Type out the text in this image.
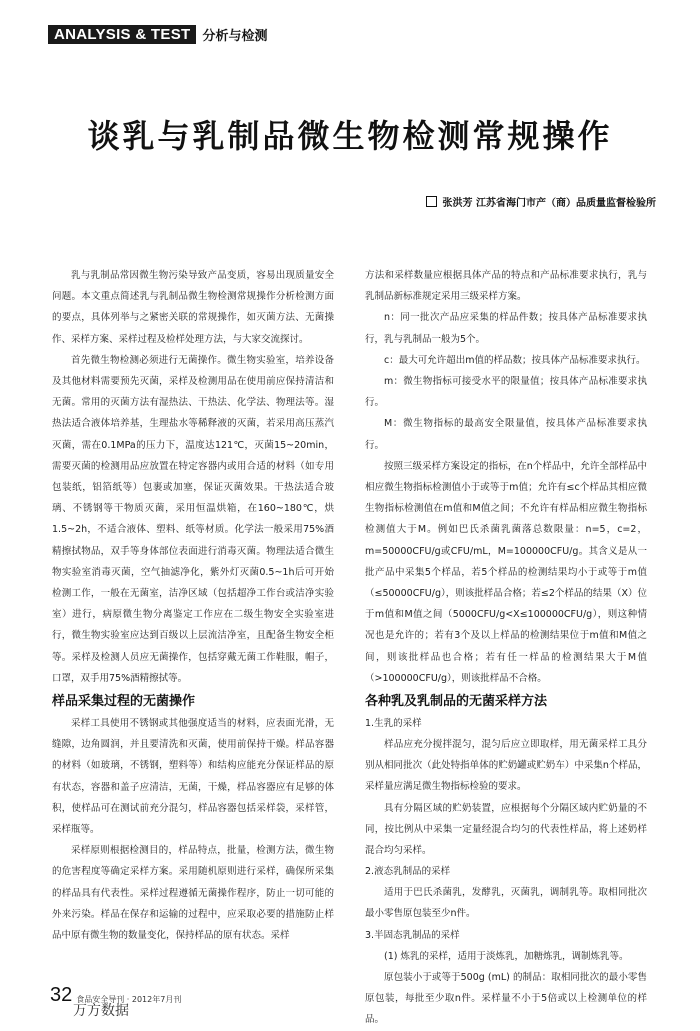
ANALYSIS & TEST 分析与检测
谈乳与乳制品微生物检测常规操作
张洪芳 江苏省海门市产（商）品质量监督检验所

乳与乳制品常因微生物污染导致产品变质，容易出现质量安全问题。本文重点简述乳与乳制品微生物检测常规操作分析检测方面的要点，具体列举与之紧密关联的常规操作，如灭菌方法、无菌操作、采样方案、采样过程及检样处理方法，与大家交流探讨。

首先微生物检测必须进行无菌操作。微生物实验室，培养设备及其他材料需要预先灭菌，采样及检测用品在使用前应保持清洁和无菌。常用的灭菌方法有湿热法、干热法、化学法、物理法等。湿热法适合液体培养基，生理盐水等稀释液的灭菌，若采用高压蒸汽灭菌，需在0.1MPa的压力下，温度达121℃，灭菌15~20min，需要灭菌的检测用品应放置在特定容器内或用合适的材料（如专用包装纸，铝箔纸等）包裹或加塞，保证灭菌效果。干热法适合玻璃、不锈钢等干物质灭菌，采用恒温烘箱，在160~180℃，烘1.5~2h，不适合液体、塑料、纸等材质。化学法一般采用75%酒精擦拭物品，双手等身体部位表面进行消毒灭菌。物理法适合微生物实验室消毒灭菌，空气抽滤净化，紫外灯灭菌0.5~1h后可开始检测工作，一般在无菌室，洁净区域（包括超净工作台或洁净实验室）进行，病原微生物分离鉴定工作应在二级生物安全实验室进行，微生物实验室应达到百级以上层流洁净室，且配备生物安全柜等。采样及检测人员应无菌操作，包括穿戴无菌工作鞋服，帽子，口罩，双手用75%酒精擦拭等。

样品采集过程的无菌操作

采样工具使用不锈钢或其他强度适当的材料，应表面光滑，无缝隙，边角圆润，并且要清洗和灭菌，使用前保持干燥。样品容器的材料（如玻璃，不锈钢，塑料等）和结构应能充分保证样品的原有状态，容器和盖子应清洁，无菌，干燥，样品容器应有足够的体积，使样品可在测试前充分混匀，样品容器包括采样袋，采样管，采样瓶等。

采样原则根据检测目的，样品特点，批量，检测方法，微生物的危害程度等确定采样方案。采用随机原则进行采样，确保所采集的样品具有代表性。采样过程遵循无菌操作程序，防止一切可能的外来污染。样品在保存和运输的过程中，应采取必要的措施防止样品中原有微生物的数量变化，保持样品的原有状态。采样

方法和采样数量应根据具体产品的特点和产品标准要求执行，乳与乳制品新标准规定采用三级采样方案。

n：同一批次产品应采集的样品件数；按具体产品标准要求执行，乳与乳制品一般为5个。

c：最大可允许超出m值的样品数；按具体产品标准要求执行。

m：微生物指标可接受水平的限量值；按具体产品标准要求执行。

M：微生物指标的最高安全限量值，按具体产品标准要求执行。

按照三级采样方案设定的指标，在n个样品中，允许全部样品中相应微生物指标检测值小于或等于m值；允许有≤c个样品其相应微生物指标检测值在m值和M值之间；不允许有样品相应微生物指标检测值大于M。例如巴氏杀菌乳菌落总数限量：n=5，c=2，m=50000CFU/g或CFU/mL，M=100000CFU/g。其含义是从一批产品中采集5个样品，若5个样品的检测结果均小于或等于m值（≤50000CFU/g），则该批样品合格；若≤2个样品的结果（X）位于m值和M值之间（5000CFU/g<X≤100000CFU/g），则这种情况也是允许的；若有3个及以上样品的检测结果位于m值和M值之间，则该批样品也合格；若有任一样品的检测结果大于M值（>100000CFU/g），则该批样品不合格。

各种乳及乳制品的无菌采样方法
1.生乳的采样

样品应充分搅拌混匀，混匀后应立即取样，用无菌采样工具分别从相同批次（此处特指单体的贮奶罐或贮奶车）中采集n个样品，采样量应满足微生物指标检验的要求。

具有分隔区域的贮奶装置，应根据每个分隔区域内贮奶量的不同，按比例从中采集一定量经混合均匀的代表性样品，将上述奶样混合均匀采样。

2.液态乳制品的采样

适用于巴氏杀菌乳，发酵乳，灭菌乳，调制乳等。取相同批次最小零售原包装至少n件。

3.半固态乳制品的采样

(1) 炼乳的采样，适用于淡炼乳，加糖炼乳，调制炼乳等。

原包装小于或等于500g (mL) 的制品：取相同批次的最小零售原包装，每批至少取n件。采样量不小于5倍或以上检测单位的样品。

32 食品安全导刊 · 2012年7月刊
万方数据
